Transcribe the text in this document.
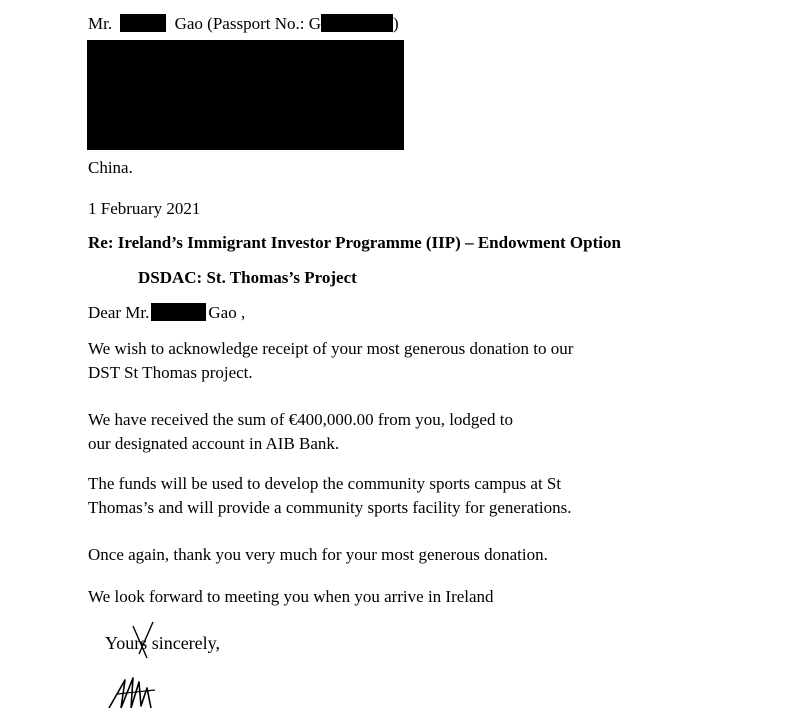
Mr.	Gao (Passport No.: G	)
China.
1 February 2021
Re: Ireland’s Immigrant Investor Programme (IIP) – Endowment Option
DSDAC: St. Thomas’s Project
Dear Mr.	Gao ,
We wish to acknowledge receipt of your most generous donation to our
DST St Thomas project.
We have received the sum of €400,000.00 from you, lodged to
our designated account in AIB Bank.
The funds will be used to develop the community sports campus at St
Thomas’s and will provide a community sports facility for generations.
Once again, thank you very much for your most generous donation.
We look forward to meeting you when you arrive in Ireland
Yours sincerely,
